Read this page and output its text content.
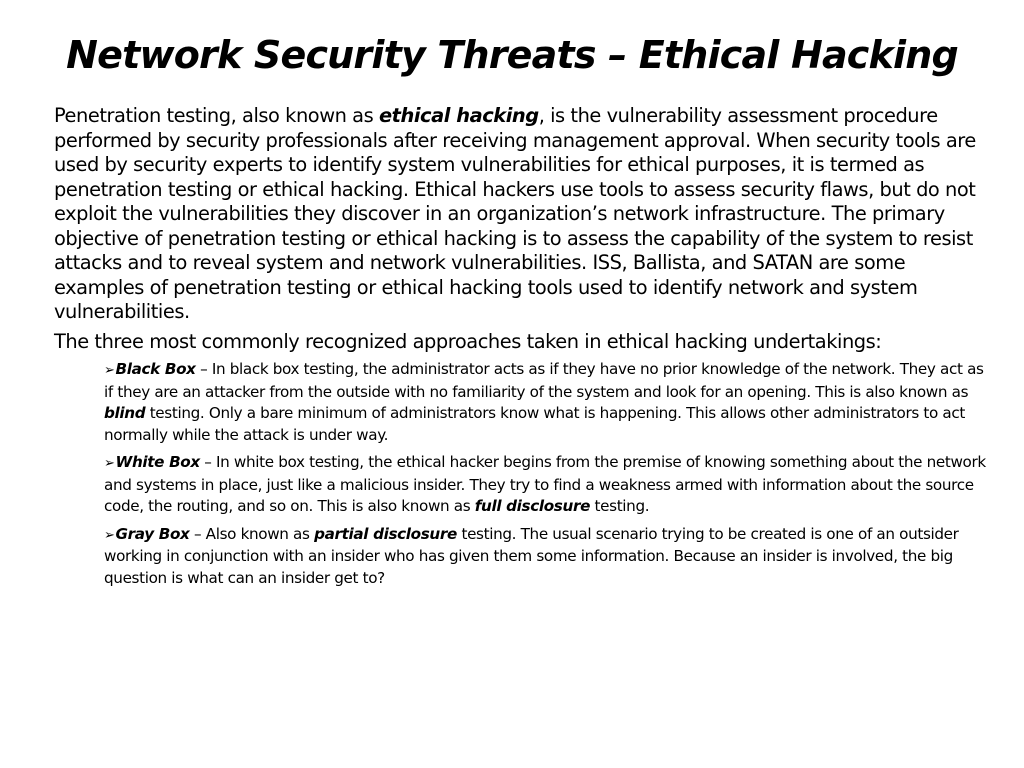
Network Security Threats – Ethical Hacking

Penetration testing, also known as ethical hacking, is the vulnerability assessment procedure performed by security professionals after receiving management approval. When security tools are used by security experts to identify system vulnerabilities for ethical purposes, it is termed as penetration testing or ethical hacking. Ethical hackers use tools to assess security flaws, but do not exploit the vulnerabilities they discover in an organization’s network infrastructure. The primary objective of penetration testing or ethical hacking is to assess the capability of the system to resist attacks and to reveal system and network vulnerabilities. ISS, Ballista, and SATAN are some examples of penetration testing or ethical hacking tools used to identify network and system vulnerabilities.

The three most commonly recognized approaches taken in ethical hacking undertakings:

➢Black Box – In black box testing, the administrator acts as if they have no prior knowledge of the network. They act as if they are an attacker from the outside with no familiarity of the system and look for an opening. This is also known as blind testing. Only a bare minimum of administrators know what is happening. This allows other administrators to act normally while the attack is under way.
➢White Box – In white box testing, the ethical hacker begins from the premise of knowing something about the network and systems in place, just like a malicious insider. They try to find a weakness armed with information about the source code, the routing, and so on. This is also known as full disclosure testing.
➢Gray Box – Also known as partial disclosure testing. The usual scenario trying to be created is one of an outsider working in conjunction with an insider who has given them some information. Because an insider is involved, the big question is what can an insider get to?
